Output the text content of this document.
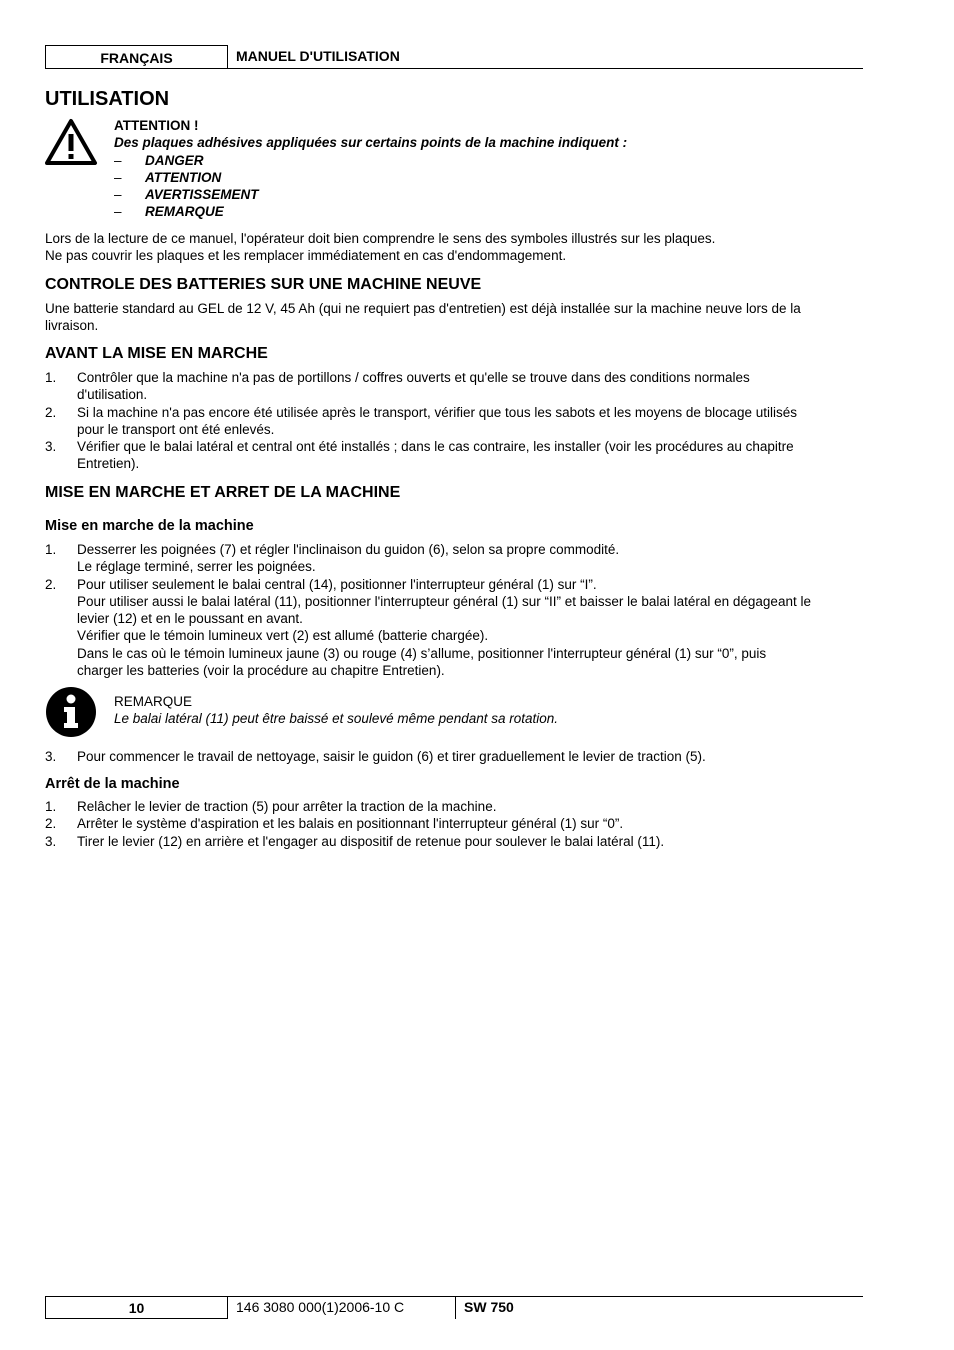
FRANÇAIS	MANUEL D'UTILISATION
UTILISATION
ATTENTION !
Des plaques adhésives appliquées sur certains points de la machine indiquent :
– DANGER
– ATTENTION
– AVERTISSEMENT
– REMARQUE
Lors de la lecture de ce manuel, l'opérateur doit bien comprendre le sens des symboles illustrés sur les plaques.
Ne pas couvrir les plaques et les remplacer immédiatement en cas d'endommagement.
CONTROLE DES BATTERIES SUR UNE MACHINE NEUVE
Une batterie standard au GEL de 12 V, 45 Ah (qui ne requiert pas d'entretien) est déjà installée sur la machine neuve lors de la
livraison.
AVANT LA MISE EN MARCHE
1. Contrôler que la machine n'a pas de portillons / coffres ouverts et qu'elle se trouve dans des conditions normales
d'utilisation.
2. Si la machine n'a pas encore été utilisée après le transport, vérifier que tous les sabots et les moyens de blocage utilisés
pour le transport ont été enlevés.
3. Vérifier que le balai latéral et central ont été installés ; dans le cas contraire, les installer (voir les procédures au chapitre
Entretien).
MISE EN MARCHE ET ARRET DE LA MACHINE
Mise en marche de la machine
1. Desserrer les poignées (7) et régler l'inclinaison du guidon (6), selon sa propre commodité.
Le réglage terminé, serrer les poignées.
2. Pour utiliser seulement le balai central (14), positionner l'interrupteur général (1) sur “I”.
Pour utiliser aussi le balai latéral (11), positionner l'interrupteur général (1) sur “II” et baisser le balai latéral en dégageant le
levier (12) et en le poussant en avant.
Vérifier que le témoin lumineux vert (2) est allumé (batterie chargée).
Dans le cas où le témoin lumineux jaune (3) ou rouge (4) s’allume, positionner l'interrupteur général (1) sur “0”, puis
charger les batteries (voir la procédure au chapitre Entretien).
REMARQUE
Le balai latéral (11) peut être baissé et soulevé même pendant sa rotation.
3. Pour commencer le travail de nettoyage, saisir le guidon (6) et tirer graduellement le levier de traction (5).
Arrêt de la machine
1. Relâcher le levier de traction (5) pour arrêter la traction de la machine.
2. Arrêter le système d'aspiration et les balais en positionnant l'interrupteur général (1) sur “0”.
3. Tirer le levier (12) en arrière et l'engager au dispositif de retenue pour soulever le balai latéral (11).
10	146 3080 000(1)2006-10 C	SW 750
